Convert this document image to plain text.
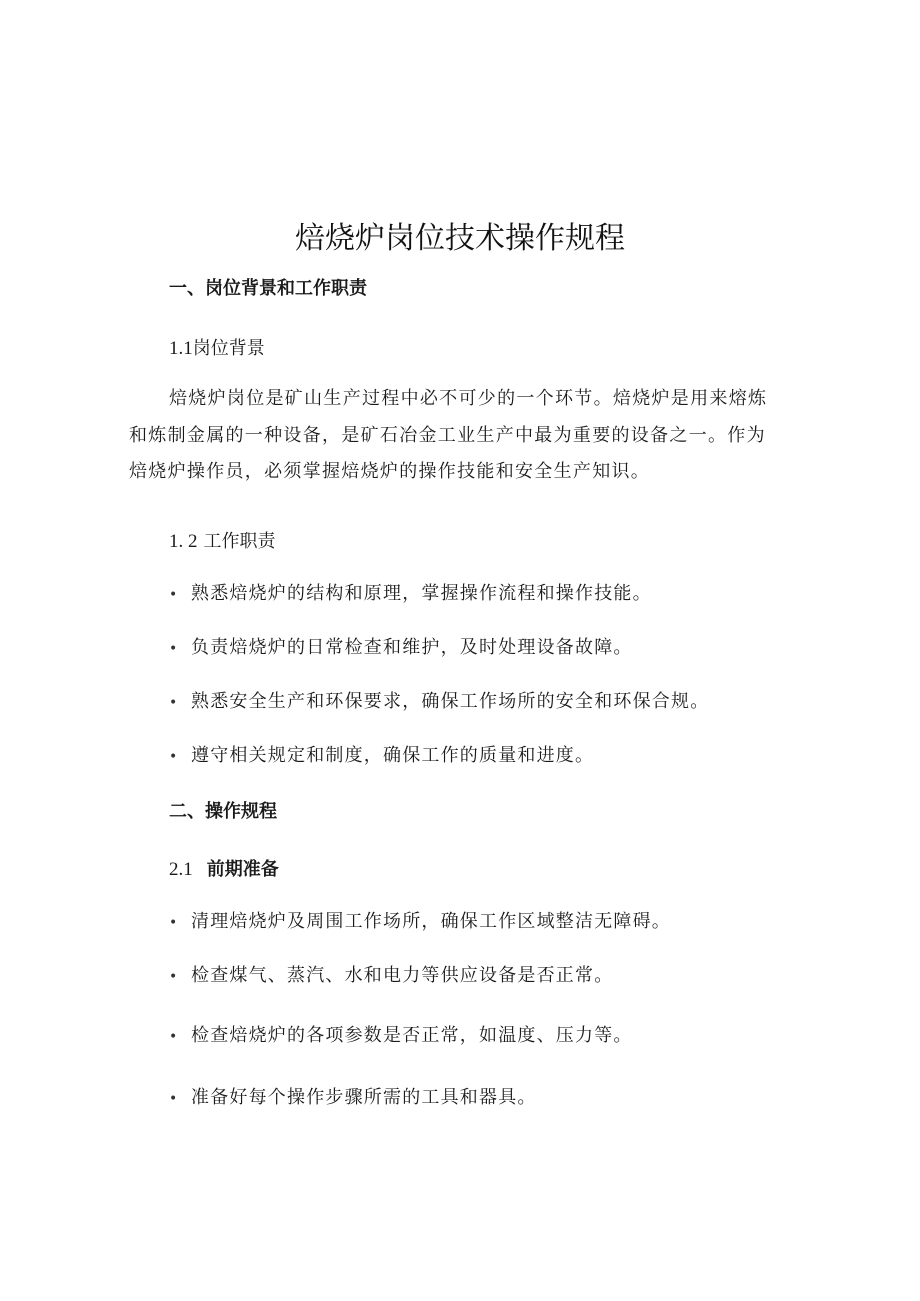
焙烧炉岗位技术操作规程
一、岗位背景和工作职责
1.1岗位背景
焙烧炉岗位是矿山生产过程中必不可少的一个环节。焙烧炉是用来熔炼
和炼制金属的一种设备，是矿石冶金工业生产中最为重要的设备之一。作为
焙烧炉操作员，必须掌握焙烧炉的操作技能和安全生产知识。
1. 2 工作职责
• 熟悉焙烧炉的结构和原理，掌握操作流程和操作技能。
• 负责焙烧炉的日常检查和维护，及时处理设备故障。
• 熟悉安全生产和环保要求，确保工作场所的安全和环保合规。
• 遵守相关规定和制度，确保工作的质量和进度。
二、操作规程
2.1 前期准备
• 清理焙烧炉及周围工作场所，确保工作区域整洁无障碍。
• 检查煤气、蒸汽、水和电力等供应设备是否正常。
• 检查焙烧炉的各项参数是否正常，如温度、压力等。
• 准备好每个操作步骤所需的工具和器具。
